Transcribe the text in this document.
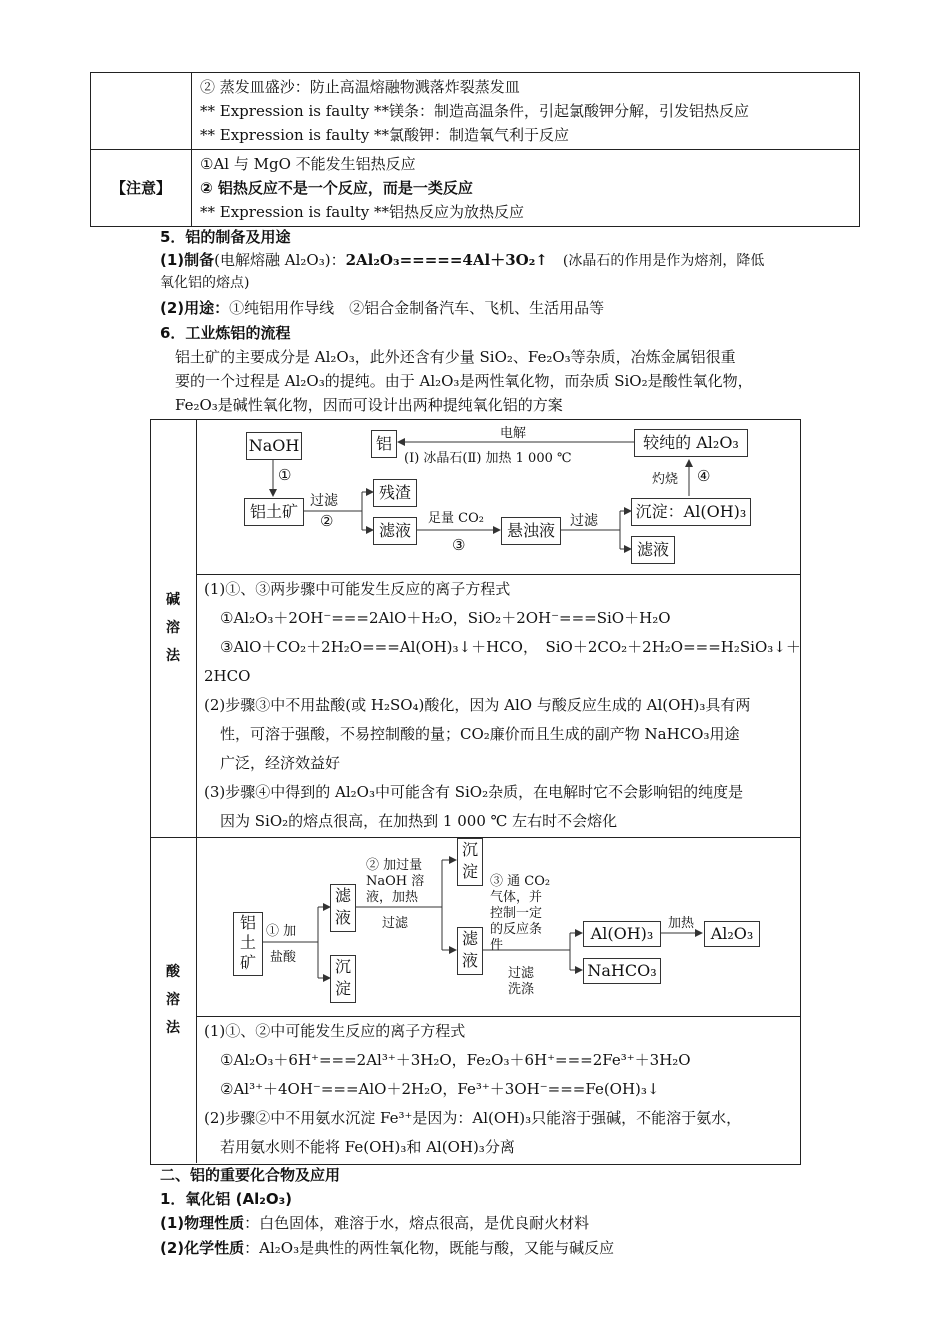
	② 蒸发皿盛沙：防止高温熔融物溅落炸裂蒸发皿
** Expression is faulty **镁条：制造高温条件，引起氯酸钾分解，引发铝热反应
** Expression is faulty **氯酸钾：制造氧气利于反应

【注意】	①Al 与 MgO 不能发生铝热反应
② 铝热反应不是一个反应，而是一类反应
** Expression is faulty **铝热反应为放热反应
5．铝的制备及用途
(1)制备(电解熔融 Al₂O₃)：2Al₂O₃=====4Al＋3O₂↑　 (冰晶石的作用是作为熔剂，降低
氧化铝的熔点)
(2)用途：①纯铝用作导线　②铝合金制备汽车、飞机、生活用品等
6．工业炼铝的流程
铝土矿的主要成分是 Al₂O₃，此外还含有少量 SiO₂、Fe₂O₃等杂质，冶炼金属铝很重
要的一个过程是 Al₂O₃的提纯。由于 Al₂O₃是两性氧化物，而杂质 SiO₂是酸性氧化物，
Fe₂O₃是碱性氧化物，因而可设计出两种提纯氧化铝的方案
碱
溶
法
NaOH
①
铝土矿
过滤
②
残渣
滤液
足量 CO₂
③
悬浊液	过滤 沉淀：Al(OH)₃
滤液
灼烧 ④
较纯的 Al₂O₃
铝
电解
(Ⅰ) 冰晶石(Ⅱ) 加热 1 000 ℃
(1)①、③两步骤中可能发生反应的离子方程式
①Al₂O₃＋2OH⁻===2AlO＋H₂O，SiO₂＋2OH⁻===SiO＋H₂O
③AlO＋CO₂＋2H₂O===Al(OH)₃↓＋HCO，　SiO＋2CO₂＋2H₂O===H₂SiO₃↓＋
2HCO
(2)步骤③中不用盐酸(或 H₂SO₄)酸化，因为 AlO 与酸反应生成的 Al(OH)₃具有两
性，可溶于强酸，不易控制酸的量；CO₂廉价而且生成的副产物 NaHCO₃用途
广泛，经济效益好
(3)步骤④中得到的 Al₂O₃中可能含有 SiO₂杂质，在电解时它不会影响铝的纯度是
因为 SiO₂的熔点很高，在加热到 1 000 ℃ 左右时不会熔化
酸
溶
法
铝土矿
① 加
盐酸
滤液
沉淀
② 加过量
NaOH 溶
液，加热
过滤
沉淀
滤液
③ 通 CO₂
气体，并
控制一定
的反应条
件
Al(OH)₃
NaHCO₃
加热
Al₂O₃
过滤
洗涤
(1)①、②中可能发生反应的离子方程式
①Al₂O₃＋6H⁺===2Al³⁺＋3H₂O，Fe₂O₃＋6H⁺===2Fe³⁺＋3H₂O
②Al³⁺＋4OH⁻===AlO＋2H₂O，Fe³⁺＋3OH⁻===Fe(OH)₃↓
(2)步骤②中不用氨水沉淀 Fe³⁺是因为：Al(OH)₃只能溶于强碱，不能溶于氨水，
若用氨水则不能将 Fe(OH)₃和 Al(OH)₃分离
二、铝的重要化合物及应用
1．氧化铝 (Al₂O₃)
(1)物理性质：白色固体，难溶于水，熔点很高，是优良耐火材料
(2)化学性质：Al₂O₃是典性的两性氧化物，既能与酸，又能与碱反应
